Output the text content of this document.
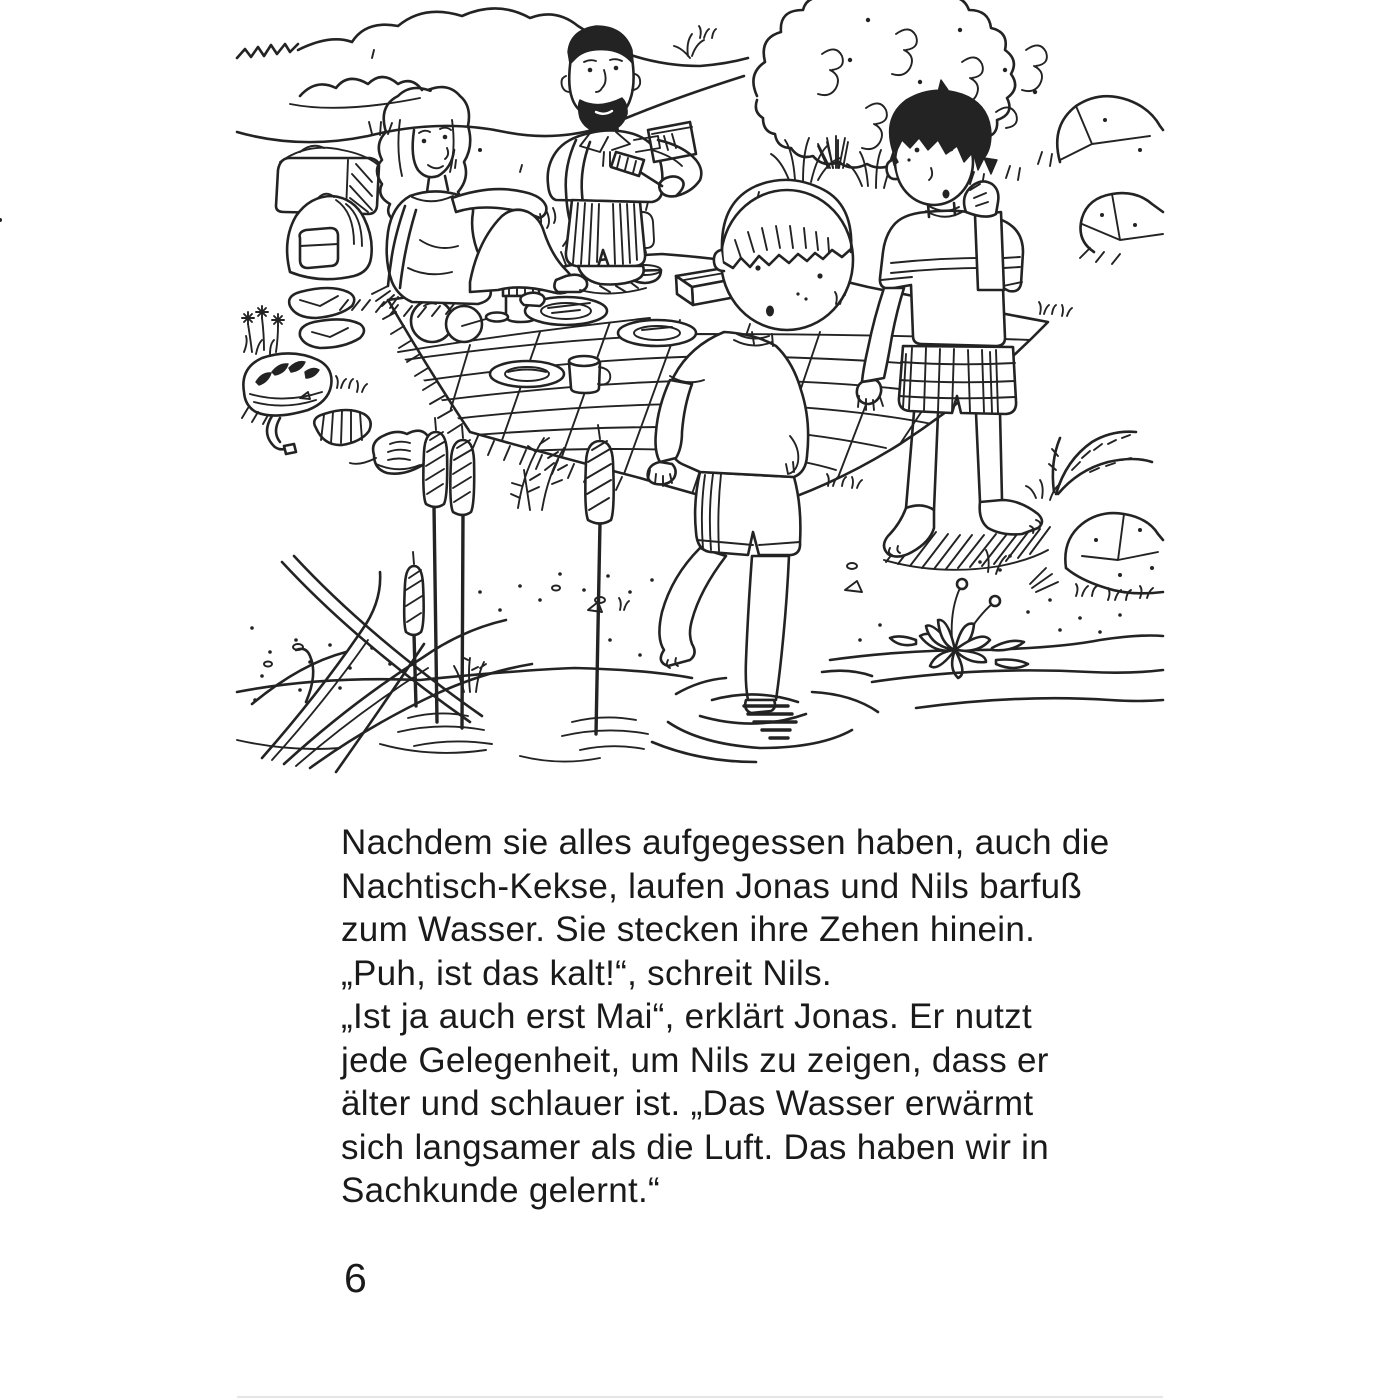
Nachdem sie alles aufgegessen haben, auch die
Nachtisch-Kekse, laufen Jonas und Nils barfuß
zum Wasser. Sie stecken ihre Zehen hinein.
„Puh, ist das kalt!“, schreit Nils.
„Ist ja auch erst Mai“, erklärt Jonas. Er nutzt
jede Gelegenheit, um Nils zu zeigen, dass er
älter und schlauer ist. „Das Wasser erwärmt
sich langsamer als die Luft. Das haben wir in
Sachkunde gelernt.“
6
